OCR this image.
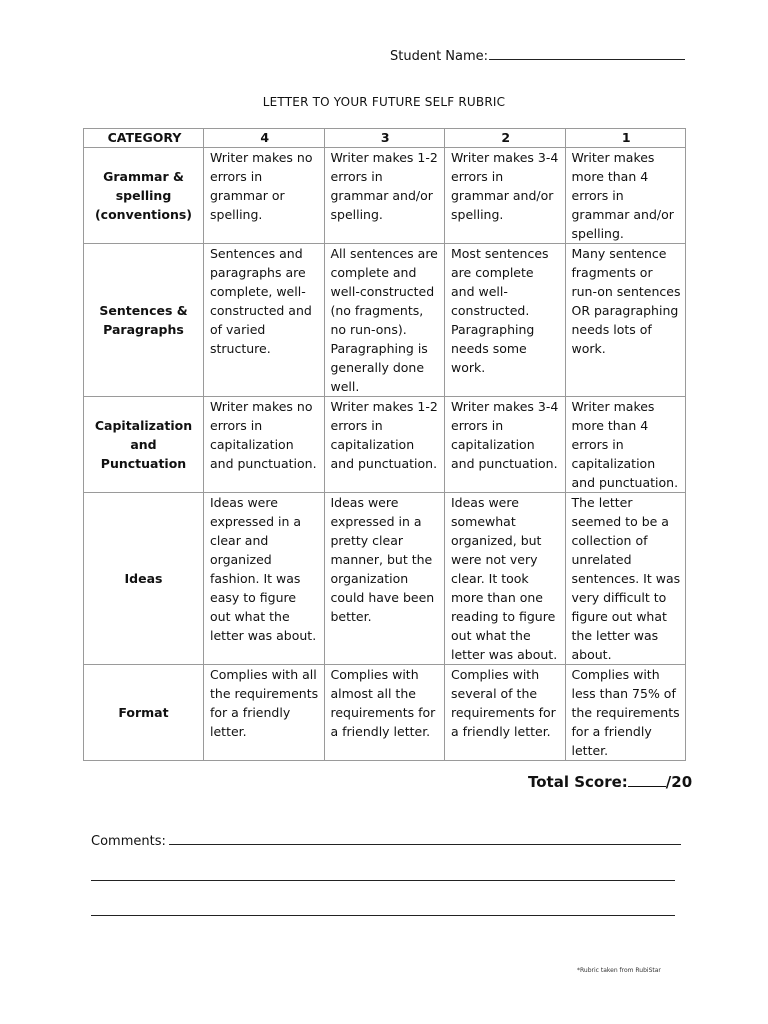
Student Name:
LETTER TO YOUR FUTURE SELF RUBRIC
CATEGORY	4	3	2	1
Grammar & spelling (conventions)	Writer makes no errors in grammar or spelling.	Writer makes 1-2 errors in grammar and/or spelling.	Writer makes 3-4 errors in grammar and/or spelling.	Writer makes more than 4 errors in grammar and/or spelling.
Sentences & Paragraphs	Sentences and paragraphs are complete, well-constructed and of varied structure.	All sentences are complete and well-constructed (no fragments, no run-ons). Paragraphing is generally done well.	Most sentences are complete and well-constructed. Paragraphing needs some work.	Many sentence fragments or run-on sentences OR paragraphing needs lots of work.
Capitalization and Punctuation	Writer makes no errors in capitalization and punctuation.	Writer makes 1-2 errors in capitalization and punctuation.	Writer makes 3-4 errors in capitalization and punctuation.	Writer makes more than 4 errors in capitalization and punctuation.
Ideas	Ideas were expressed in a clear and organized fashion. It was easy to figure out what the letter was about.	Ideas were expressed in a pretty clear manner, but the organization could have been better.	Ideas were somewhat organized, but were not very clear. It took more than one reading to figure out what the letter was about.	The letter seemed to be a collection of unrelated sentences. It was very difficult to figure out what the letter was about.
Format	Complies with all the requirements for a friendly letter.	Complies with almost all the requirements for a friendly letter.	Complies with several of the requirements for a friendly letter.	Complies with less than 75% of the requirements for a friendly letter.
Total Score:	/20
Comments:
*Rubric taken from RubiStar
